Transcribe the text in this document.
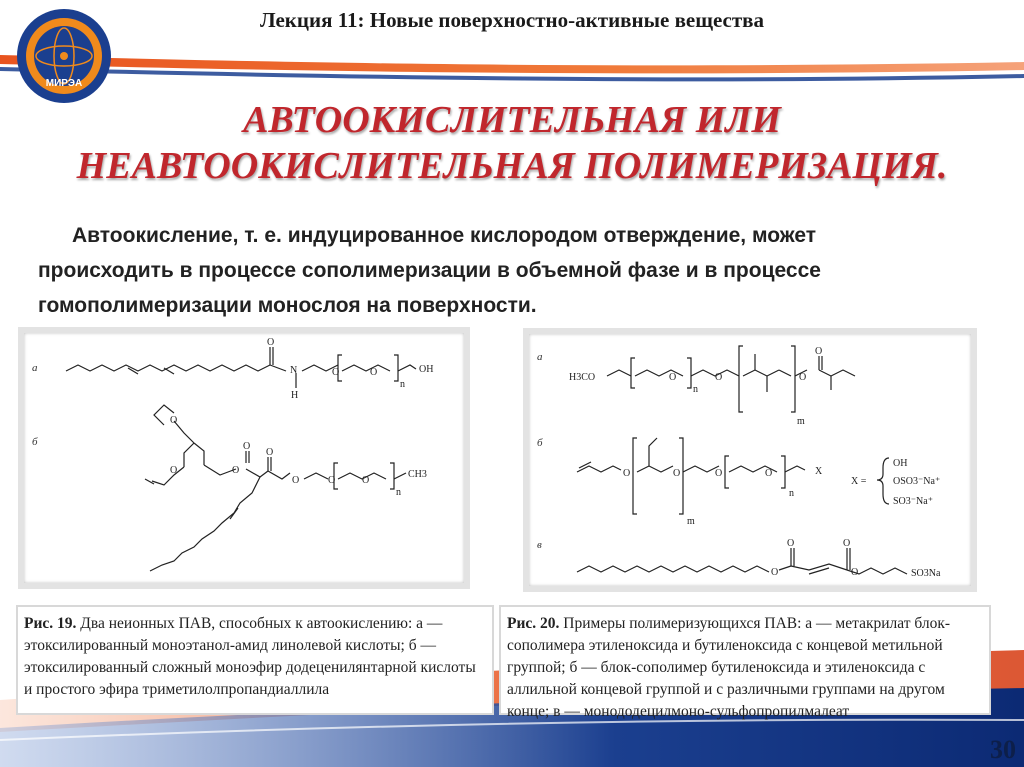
МИРЭА
Лекция 11: Новые поверхностно-активные вещества
АВТООКИСЛИТЕЛЬНАЯ ИЛИ
НЕАВТООКИСЛИТЕЛЬНАЯ ПОЛИМЕРИЗАЦИЯ.
Автоокисление, т. е. индуцированное кислородом отверждение, может
происходить в процессе сополимеризации в объемной фазе и в процессе
гомополимеризации монослоя на поверхности.
а
б
O
N
H
O	O
n
OH
O
O	O
O
O
O	O	O
n
CH3
а
б
в
H3CO	O	O
n
m
O
O
O	O	O	O
m
n
X
X =
OH
OSO3⁻Na⁺
SO3⁻Na⁺
O
O	O
O	SO3Na
Рис. 19. Два неионных ПАВ, способных к автоокислению: а — этоксилированный моноэтанол-амид линолевой кислоты; б — этоксилированный сложный моноэфир додеценилянтарной кислоты и простого эфира триметилолпропандиаллила
Рис. 20. Примеры полимеризующихся ПАВ: а — метакрилат блок-сополимера этиленоксида и бутиленоксида с концевой метильной группой; б — блок-сополимер бутиленоксида и этиленоксида с аллильной концевой группой и с различными группами на другом конце; в — монододецилмоно-сульфопропилмалеат
30
